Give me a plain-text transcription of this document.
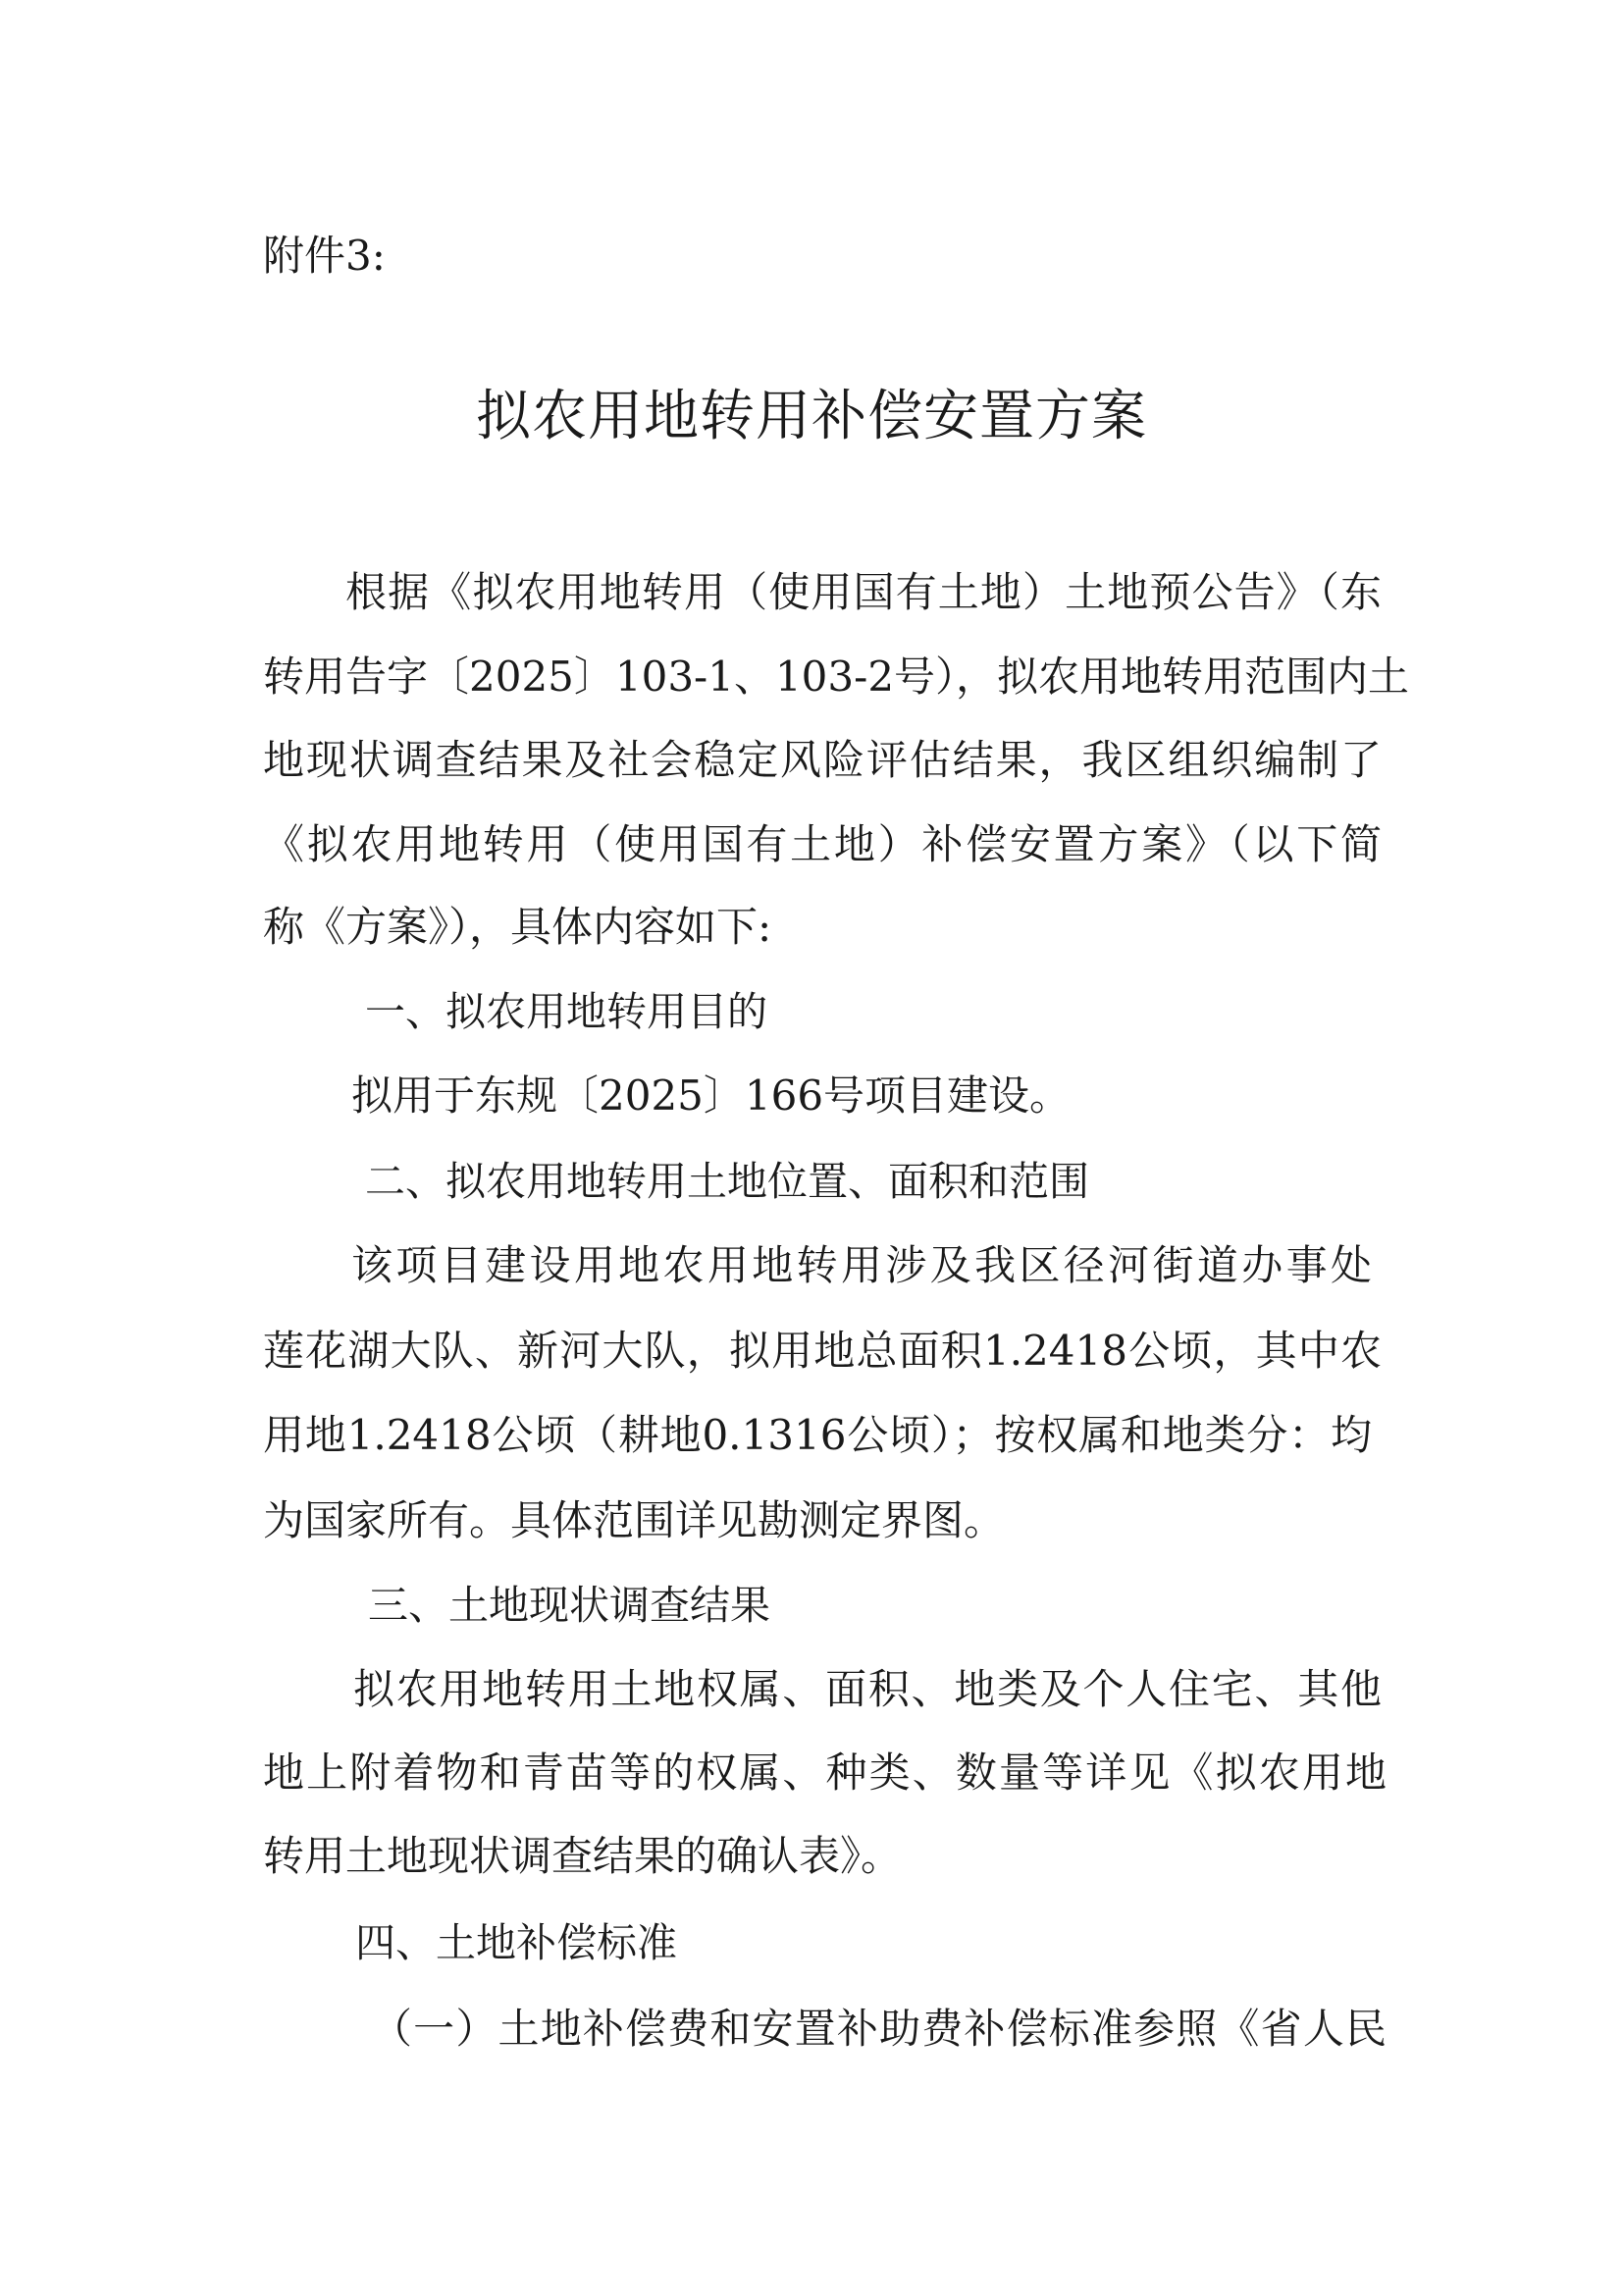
附件3:
拟农用地转用补偿安置方案
根据《拟农用地转用（使用国有土地）土地预公告》（东
转用告字〔2025〕103-1、103-2号），拟农用地转用范围内土
地现状调查结果及社会稳定风险评估结果，我区组织编制了
《拟农用地转用（使用国有土地）补偿安置方案》（以下简
称《方案》），具体内容如下:
一、拟农用地转用目的
拟用于东规〔2025〕166号项目建设。
二、拟农用地转用土地位置、面积和范围
该项目建设用地农用地转用涉及我区径河街道办事处
莲花湖大队、新河大队，拟用地总面积1.2418公顷，其中农
用地1.2418公顷（耕地0.1316公顷）；按权属和地类分：均
为国家所有。具体范围详见勘测定界图。
三、土地现状调查结果
拟农用地转用土地权属、面积、地类及个人住宅、其他
地上附着物和青苗等的权属、种类、数量等详见《拟农用地
转用土地现状调查结果的确认表》。
四、土地补偿标准
（一）土地补偿费和安置补助费补偿标准参照《省人民
